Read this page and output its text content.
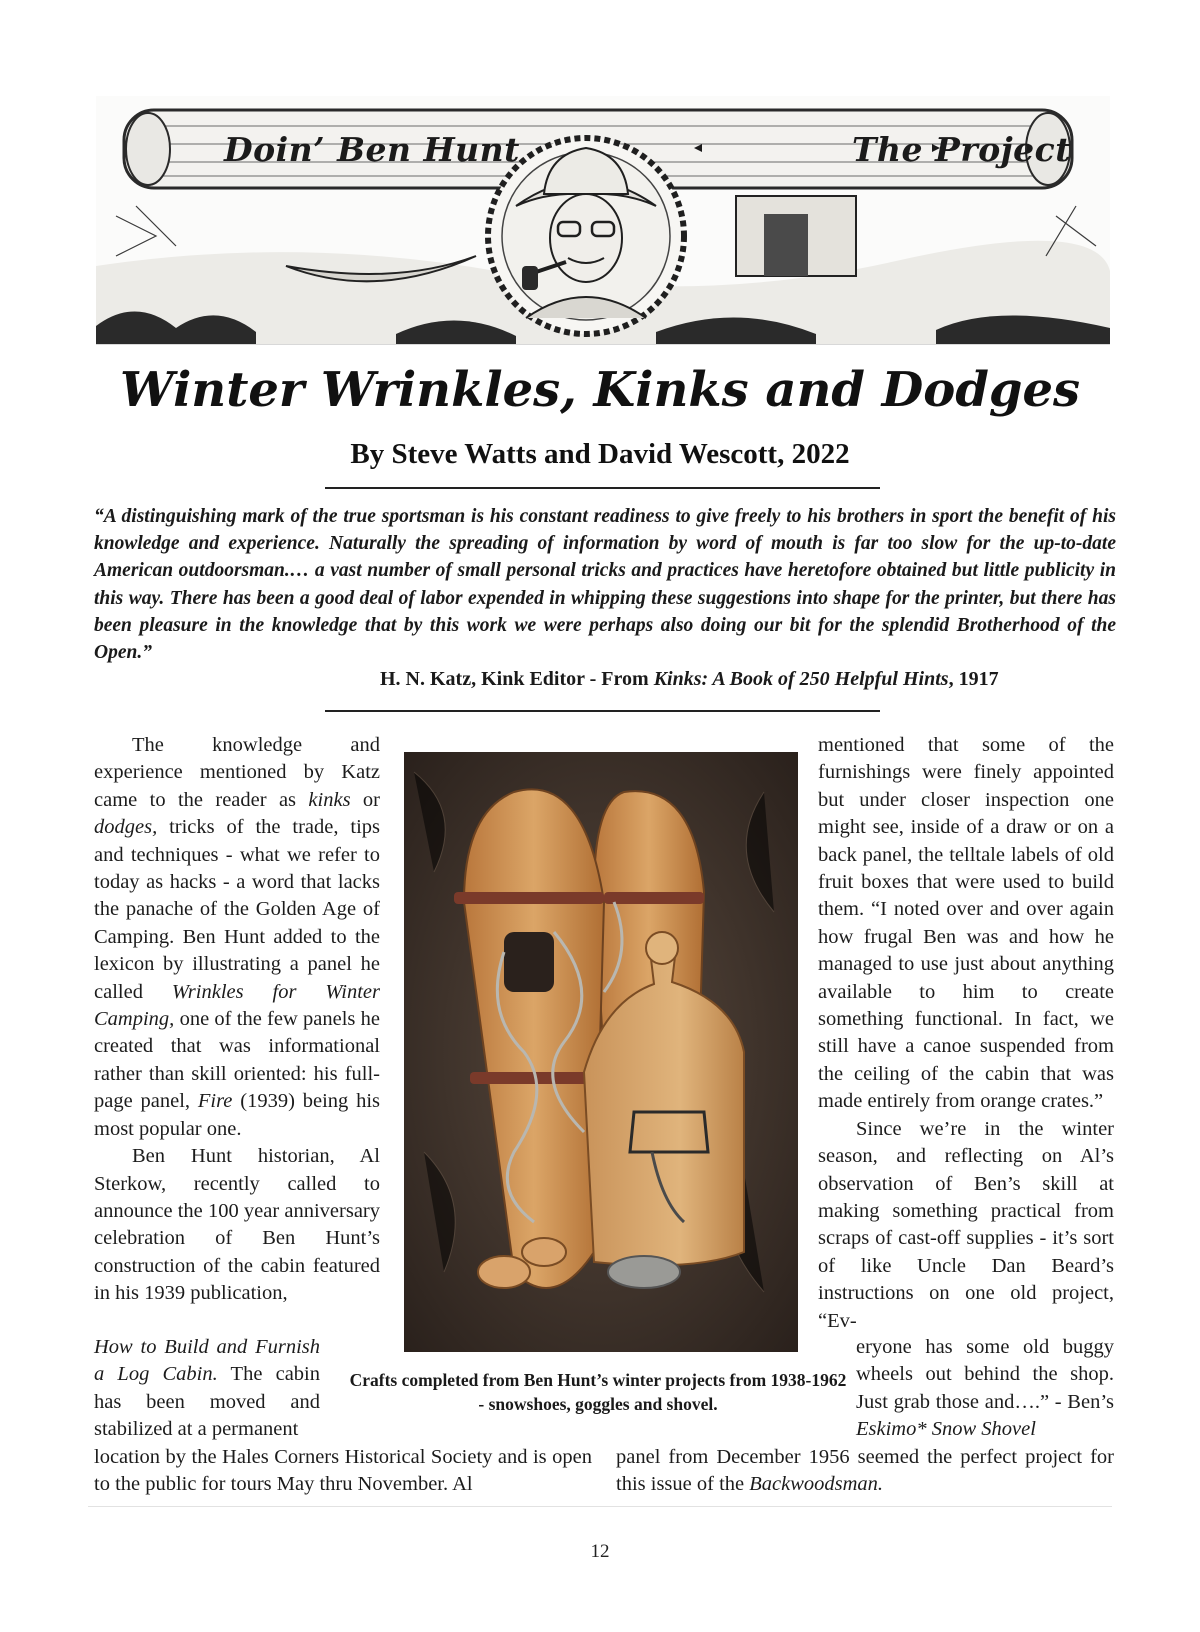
Doin’ Ben Hunt	The Project
Winter Wrinkles, Kinks and Dodges
By Steve Watts and David Wescott, 2022
“A distinguishing mark of the true sportsman is his constant readiness to give freely to his brothers in sport the benefit of his knowledge and experience. Naturally the spreading of information by word of mouth is far too slow for the up-to-date American outdoorsman.… a vast number of small personal tricks and practices have heretofore obtained but little publicity in this way. There has been a good deal of labor expended in whipping these suggestions into shape for the printer, but there has been pleasure in the knowledge that by this work we were perhaps also doing our bit for the splendid Brotherhood of the Open.”
H. N. Katz, Kink Editor - From Kinks: A Book of 250 Helpful Hints, 1917

The knowledge and experience mentioned by Katz came to the reader as kinks or dodges, tricks of the trade, tips and techniques - what we refer to today as hacks - a word that lacks the panache of the Golden Age of Camping. Ben Hunt added to the lexicon by illustrating a panel he called Wrinkles for Winter Camping, one of the few panels he created that was informational rather than skill oriented: his full-page panel, Fire (1939) being his most popular one.

Ben Hunt historian, Al Sterkow, recently called to announce the 100 year anniversary celebration of Ben Hunt’s construction of the cabin featured in his 1939 publication,

How to Build and Furnish a Log Cabin. The cabin has been moved and stabilized at a permanent

location by the Hales Corners Historical Society and is open to the public for tours May thru November. Al

Crafts completed from Ben Hunt’s winter projects from 1938-1962 - snowshoes, goggles and shovel.

mentioned that some of the furnishings were finely appointed but under closer inspection one might see, inside of a draw or on a back panel, the telltale labels of old fruit boxes that were used to build them. “I noted over and over again how frugal Ben was and how he managed to use just about anything available to him to create something functional. In fact, we still have a canoe suspended from the ceiling of the cabin that was made entirely from orange crates.”

Since we’re in the winter season, and reflecting on Al’s observation of Ben’s skill at making something practical from scraps of cast-off supplies - it’s sort of like Uncle Dan Beard’s instructions on one old project, “Ev-

eryone has some old buggy wheels out behind the shop. Just grab those and….” - Ben’s Eskimo* Snow Shovel

panel from December 1956 seemed the perfect project for this issue of the Backwoodsman.

12
